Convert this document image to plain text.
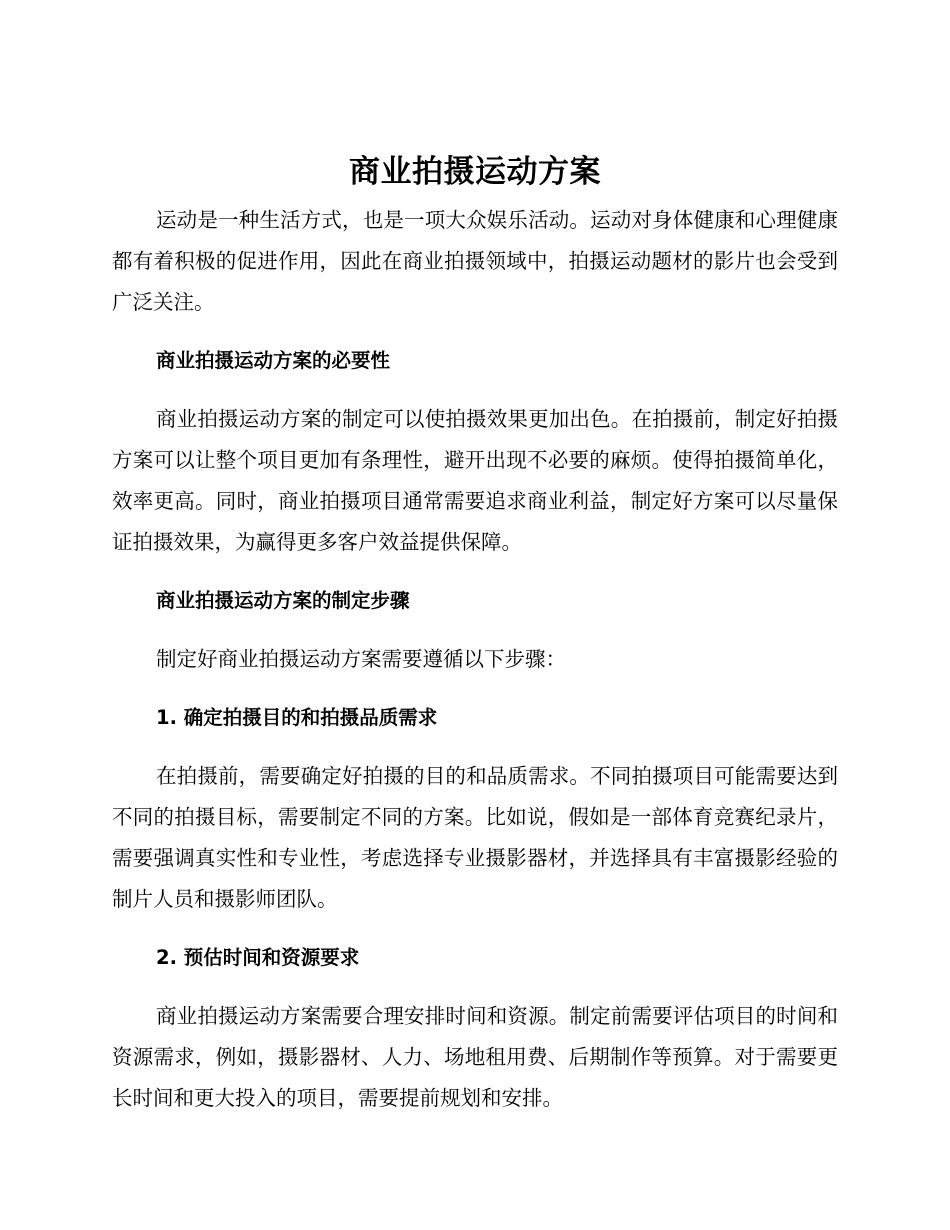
商业拍摄运动方案

运动是一种生活方式，也是一项大众娱乐活动。运动对身体健康和心理健康都有着积极的促进作用，因此在商业拍摄领域中，拍摄运动题材的影片也会受到广泛关注。

商业拍摄运动方案的必要性

商业拍摄运动方案的制定可以使拍摄效果更加出色。在拍摄前，制定好拍摄方案可以让整个项目更加有条理性，避开出现不必要的麻烦。使得拍摄简单化，效率更高。同时，商业拍摄项目通常需要追求商业利益，制定好方案可以尽量保证拍摄效果，为赢得更多客户效益提供保障。

商业拍摄运动方案的制定步骤

制定好商业拍摄运动方案需要遵循以下步骤：

1. 确定拍摄目的和拍摄品质需求

在拍摄前，需要确定好拍摄的目的和品质需求。不同拍摄项目可能需要达到不同的拍摄目标，需要制定不同的方案。比如说，假如是一部体育竞赛纪录片，需要强调真实性和专业性，考虑选择专业摄影器材，并选择具有丰富摄影经验的制片人员和摄影师团队。

2. 预估时间和资源要求

商业拍摄运动方案需要合理安排时间和资源。制定前需要评估项目的时间和资源需求，例如，摄影器材、人力、场地租用费、后期制作等预算。对于需要更长时间和更大投入的项目，需要提前规划和安排。
